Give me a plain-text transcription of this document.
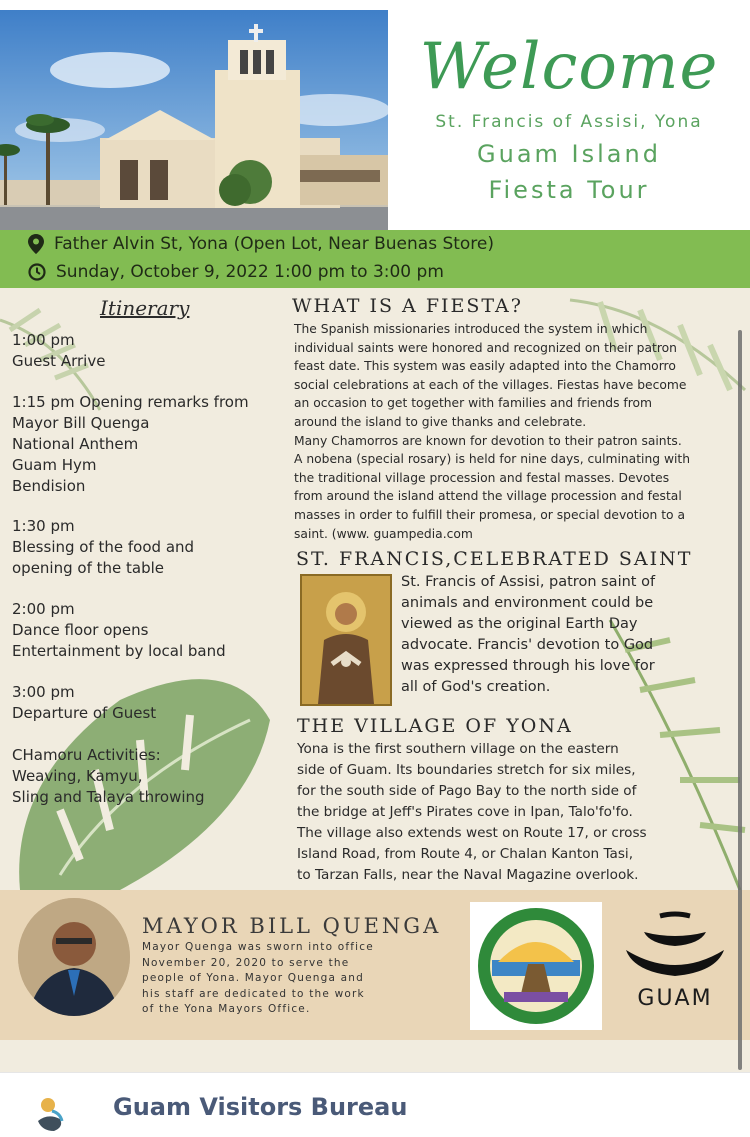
Welcome
St. Francis of Assisi, Yona
Guam Island
Fiesta Tour
Father Alvin St, Yona (Open Lot, Near Buenas Store)
Sunday, October 9, 2022 1:00 pm to 3:00 pm
Itinerary
1:00 pm
Guest Arrive
1:15 pm Opening remarks from
Mayor Bill Quenga
National Anthem
Guam Hym
Bendision
1:30 pm
Blessing of the food and
opening of the table
2:00 pm
Dance floor opens
Entertainment by local band
3:00 pm
Departure of Guest
CHamoru Activities:
Weaving, Kamyu,
Sling and Talaya throwing
WHAT IS A FIESTA?
The Spanish missionaries introduced the system in which
individual saints were honored and recognized on their patron
feast date. This system was easily adapted into the Chamorro
social celebrations at each of the villages. Fiestas have become
an occasion to get together with families and friends from
around the island to give thanks and celebrate.
Many Chamorros are known for devotion to their patron saints.
A nobena (special rosary) is held for nine days, culminating with
the traditional village procession and festal masses. Devotes
from around the island attend the village procession and festal
masses in order to fulfill their promesa, or special devotion to a
saint. (www. guampedia.com
ST. FRANCIS,CELEBRATED SAINT
St. Francis of Assisi, patron saint of
animals and environment could be
viewed as the original Earth Day
advocate. Francis' devotion to God
was expressed through his love for
all of God's creation.
THE VILLAGE OF YONA
Yona is the first southern village on the eastern
side of Guam. Its boundaries stretch for six miles,
for the south side of Pago Bay to the north side of
the bridge at Jeff's Pirates cove in Ipan, Talo'fo'fo.
The village also extends west on Route 17, or cross
Island Road, from Route 4, or Chalan Kanton Tasi,
to Tarzan Falls, near the Naval Magazine overlook.
MAYOR BILL QUENGA
Mayor Quenga was sworn into office
November 20, 2020 to serve the
people of Yona. Mayor Quenga and
his staff are dedicated to the work
of the Yona Mayors Office.	GUAM
Guam Visitors Bureau
